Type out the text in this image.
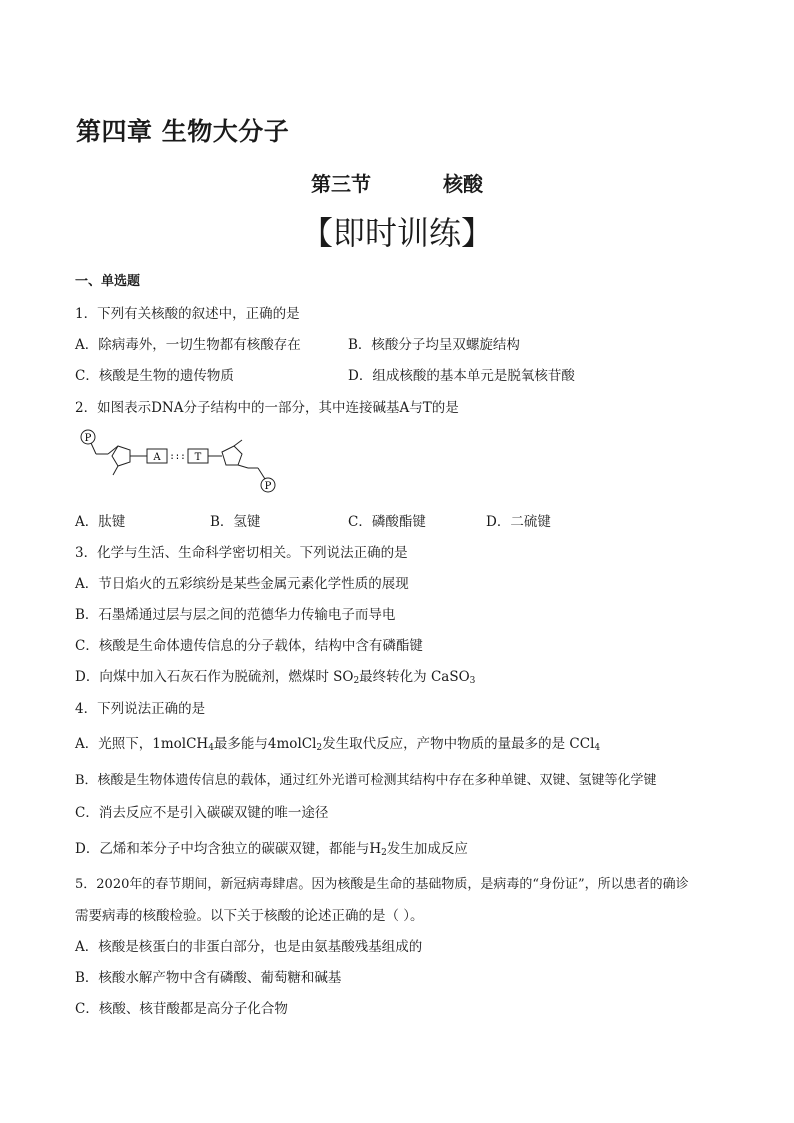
第四章 生物大分子
第三节	核酸
【即时训练】
一、单选题
1．下列有关核酸的叙述中，正确的是
A．除病毒外，一切生物都有核酸存在	B．核酸分子均呈双螺旋结构
C．核酸是生物的遗传物质	D．组成核酸的基本单元是脱氧核苷酸
2．如图表示DNA分子结构中的一部分，其中连接碱基A与T的是
P
A ::: T
P
A．肽键	B．氢键	C．磷酸酯键	D．二硫键
3．化学与生活、生命科学密切相关。下列说法正确的是
A．节日焰火的五彩缤纷是某些金属元素化学性质的展现
B．石墨烯通过层与层之间的范德华力传输电子而导电
C．核酸是生命体遗传信息的分子载体，结构中含有磷酯键
D．向煤中加入石灰石作为脱硫剂，燃煤时 $SO_2$最终转化为 CaSO$_3$
4．下列说法正确的是
A．光照下，1molCH$_4$最多能与4molCl$_2$发生取代反应，产物中物质的量最多的是 CCl$_4$
B．核酸是生物体遗传信息的载体，通过红外光谱可检测其结构中存在多种单键、双键、氢键等化学键
C．消去反应不是引入碳碳双键的唯一途径
D．乙烯和苯分子中均含独立的碳碳双键，都能与$H_2$发生加成反应
5．2020年的春节期间，新冠病毒肆虐。因为核酸是生命的基础物质，是病毒的“身份证”，所以患者的确诊
需要病毒的核酸检验。以下关于核酸的论述正确的是（ ）。
A．核酸是核蛋白的非蛋白部分，也是由氨基酸残基组成的
B．核酸水解产物中含有磷酸、葡萄糖和碱基
C．核酸、核苷酸都是高分子化合物
